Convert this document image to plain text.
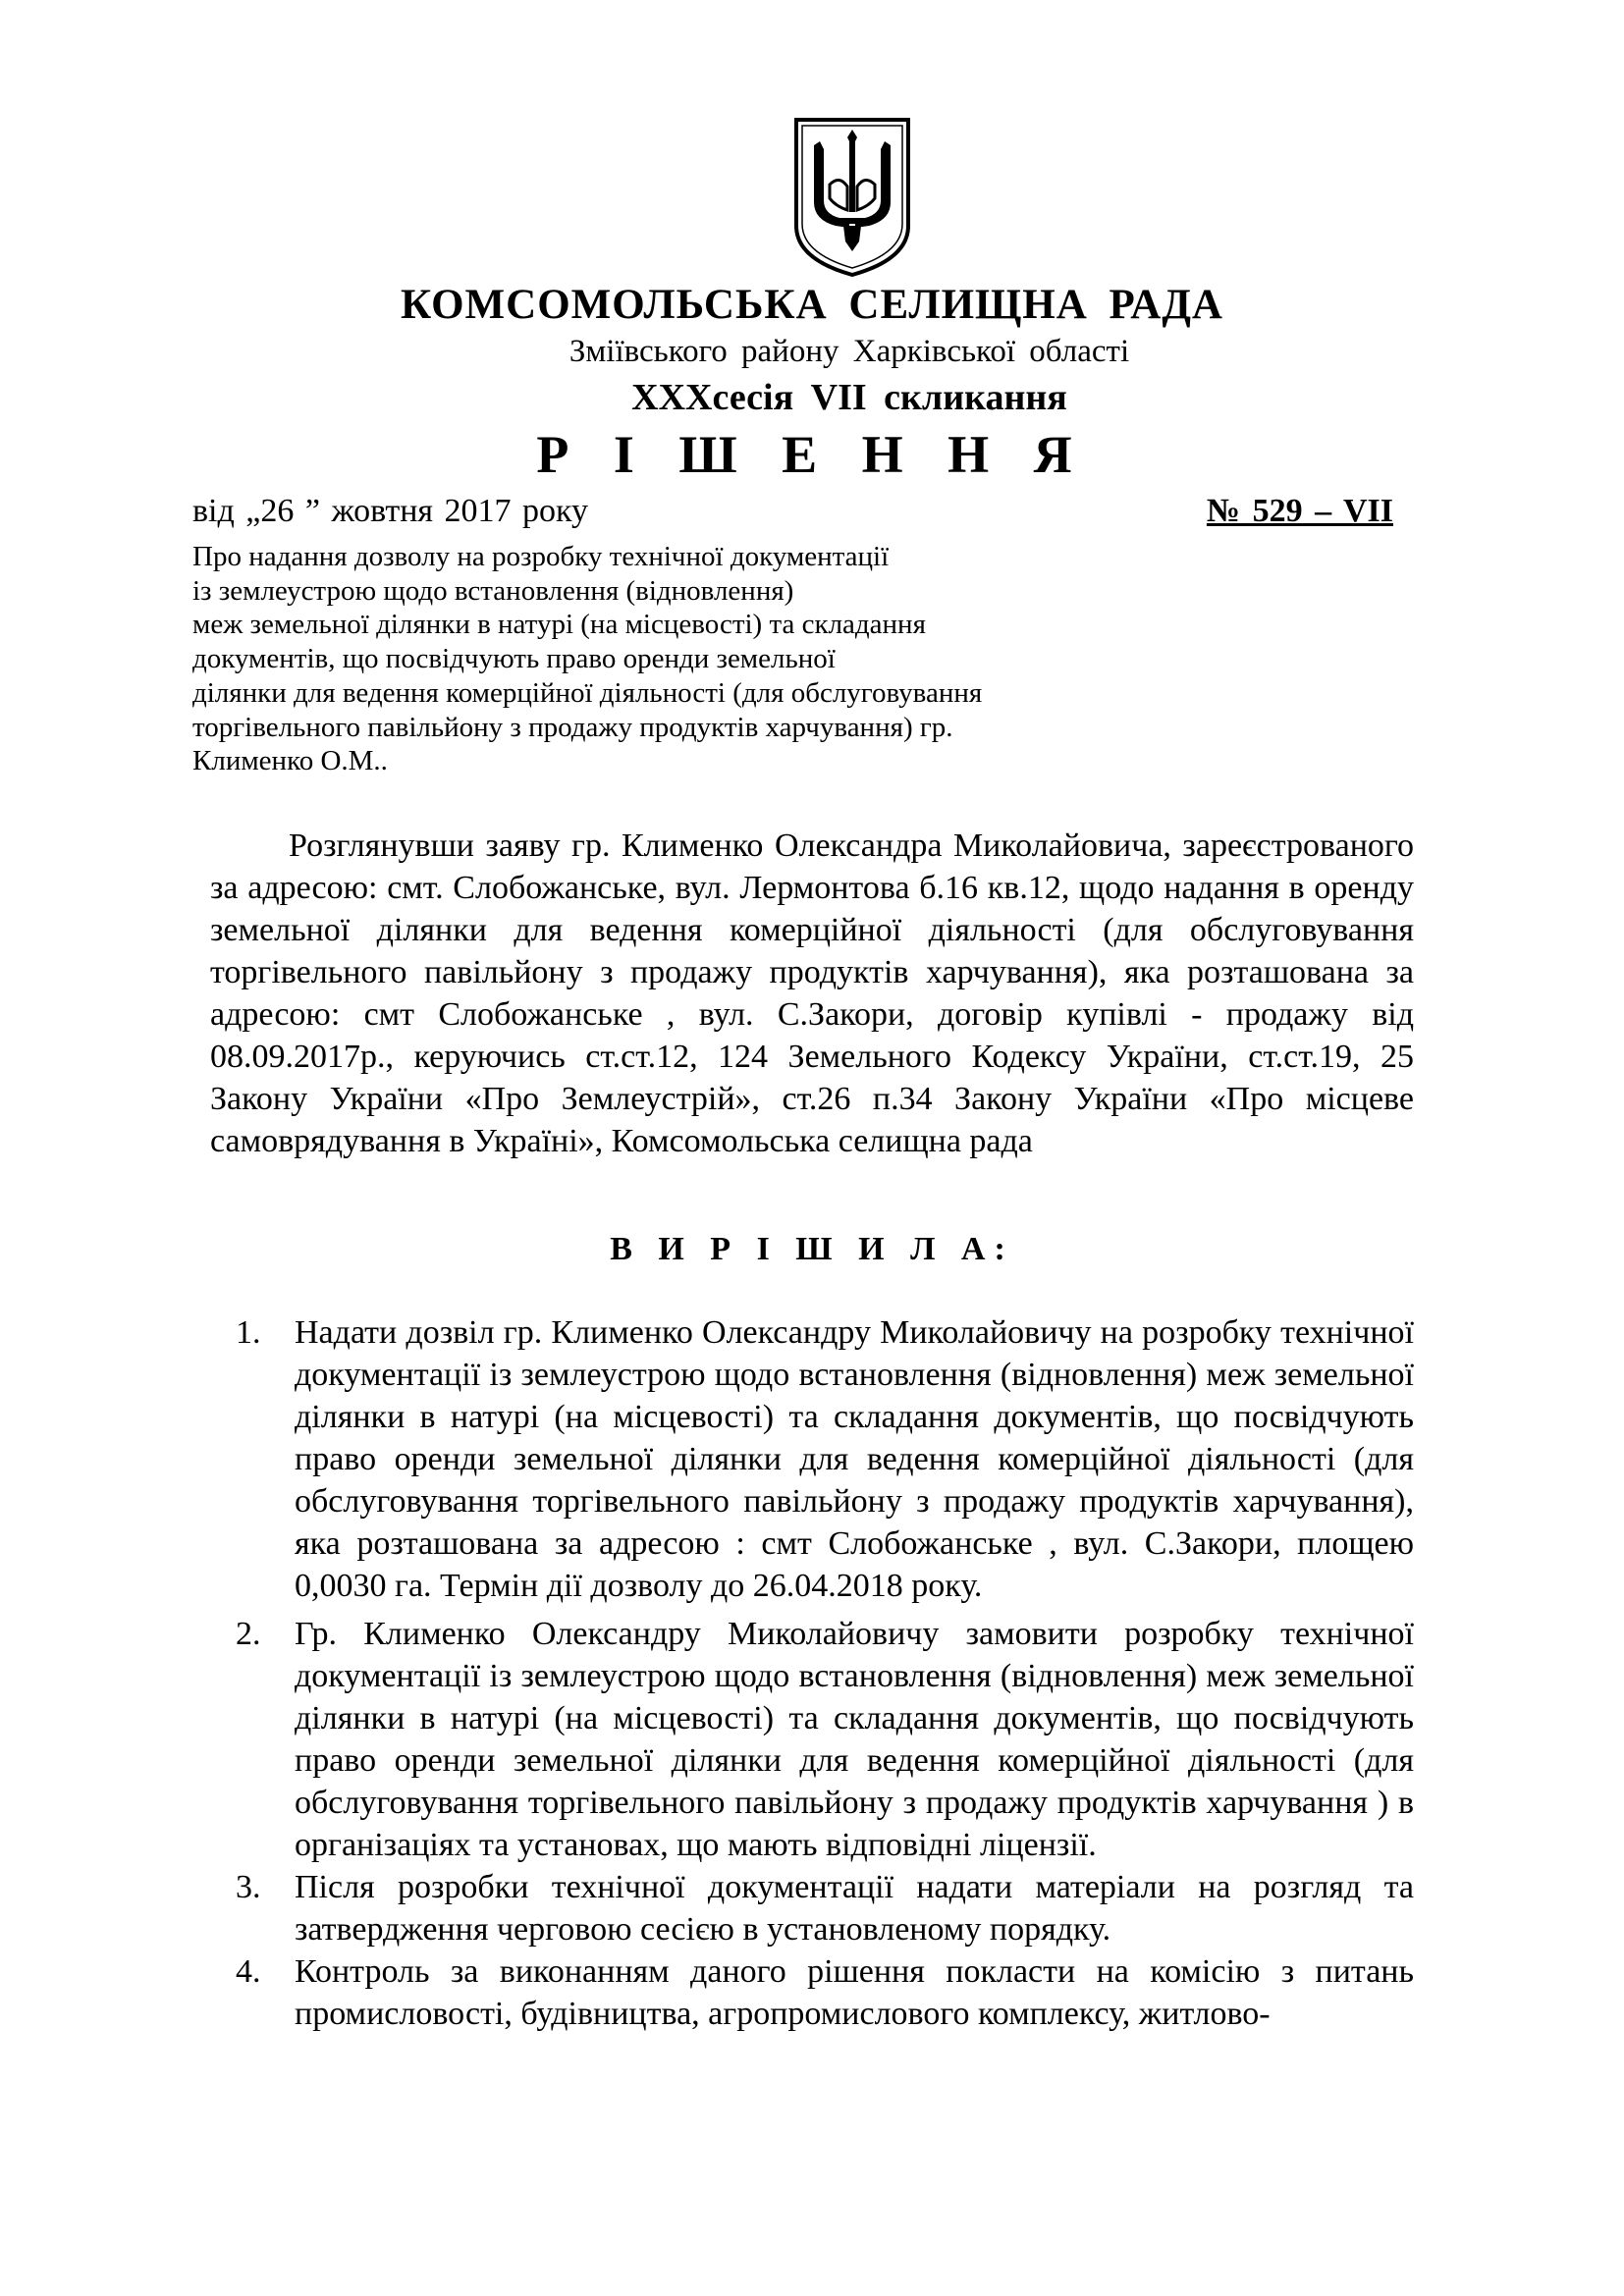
КОМСОМОЛЬСЬКА СЕЛИЩНА РАДА
Зміївського району Харківської області
XXXсесія VII скликання
Р І Ш Е Н Н Я
від „26 ” жовтня 2017 року	№ 529 – VII
Про надання дозволу на розробку технічної документації
із землеустрою щодо встановлення (відновлення)
меж земельної ділянки в натурі (на місцевості) та складання
документів, що посвідчують право оренди земельної
ділянки для ведення комерційної діяльності (для обслуговування
торгівельного павільйону з продажу продуктів харчування) гр.
Клименко О.М..
Розглянувши заяву гр. Клименко Олександра Миколайовича, зареєстрованого за адресою: смт. Слобожанське, вул. Лермонтова б.16 кв.12, щодо надання в оренду земельної ділянки для ведення комерційної діяльності (для обслуговування торгівельного павільйону з продажу продуктів харчування), яка розташована за адресою: смт Слобожанське , вул. С.Закори, договір купівлі - продажу від 08.09.2017р., керуючись ст.ст.12, 124 Земельного Кодексу України, ст.ст.19, 25 Закону України «Про Землеустрій», ст.26 п.34 Закону України «Про місцеве самоврядування в Україні», Комсомольська селищна рада
В И Р І Ш И Л А:
1. Надати дозвіл гр. Клименко Олександру Миколайовичу на розробку технічної документації із землеустрою щодо встановлення (відновлення) меж земельної ділянки в натурі (на місцевості) та складання документів, що посвідчують право оренди земельної ділянки для ведення комерційної діяльності (для обслуговування торгівельного павільйону з продажу продуктів харчування), яка розташована за адресою : смт Слобожанське , вул. С.Закори, площею 0,0030 га. Термін дії дозволу до 26.04.2018 року.
2. Гр. Клименко Олександру Миколайовичу замовити розробку технічної документації із землеустрою щодо встановлення (відновлення) меж земельної ділянки в натурі (на місцевості) та складання документів, що посвідчують право оренди земельної ділянки для ведення комерційної діяльності (для обслуговування торгівельного павільйону з продажу продуктів харчування ) в організаціях та установах, що мають відповідні ліцензії.
3. Після розробки технічної документації надати матеріали на розгляд та затвердження черговою сесією в установленому порядку.
4. Контроль за виконанням даного рішення покласти на комісію з питань промисловості, будівництва, агропромислового комплексу, житлово-
